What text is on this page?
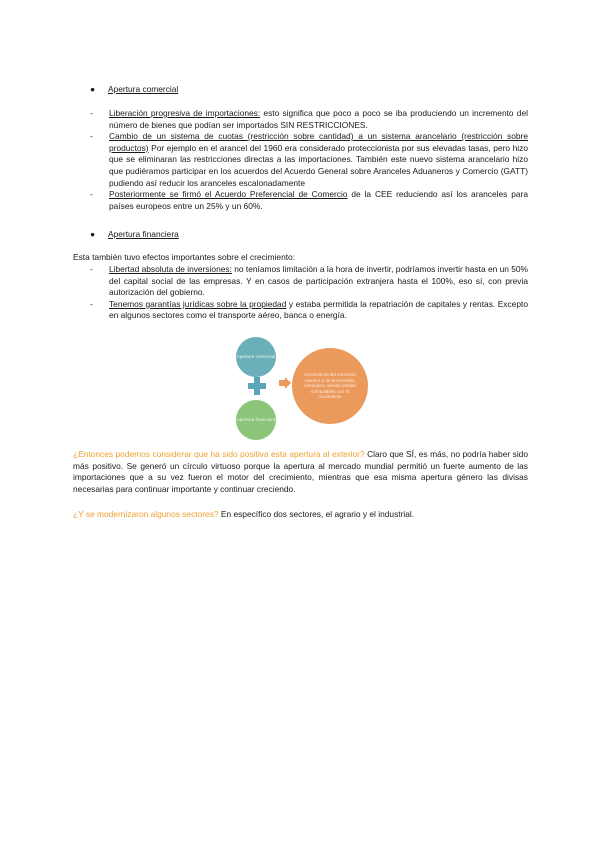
● Apertura comercial
- Liberación progresiva de importaciones: esto significa que poco a poco se iba produciendo un incremento del número de bienes que podían ser importados SIN RESTRICCIONES.
- Cambio de un sistema de cuotas (restricción sobre cantidad) a un sistema arancelario (restricción sobre productos) Por ejemplo en el arancel del 1960 era considerado proteccionista por sus elevadas tasas, pero hizo que se eliminaran las restricciones directas a las importaciones. También este nuevo sistema arancelario hizo que pudiéramos participar en los acuerdos del Acuerdo General sobre Aranceles Aduaneros y Comercio (GATT) pudiendo así reducir los aranceles escalonadamente
- Posteriormente se firmó el Acuerdo Preferencial de Comercio de la CEE reduciendo así los aranceles para países europeos entre un 25% y un 60%.
● Apertura financiera
Esta también tuvo efectos importantes sobre el crecimiento:
- Libertad absoluta de inversiones: no teníamos limitación a la hora de invertir, podríamos invertir hasta en un 50% del capital social de las empresas. Y en casos de participación extranjera hasta el 100%, eso sí, con previa autorización del gobierno.
- Tenemos garantías jurídicas sobre la propiedad y estaba permitida la repatriación de capitales y rentas. Excepto en algunos sectores como el transporte aéreo, banca o energía.
Apertura comercial
Apertura financiera
Crecimiento del comercio exterior y de la inversión extranjera, siendo ambas compatibles con el crecimiento
¿Entonces podemos considerar que ha sido positiva esta apertura al exterior? Claro que SÍ, es más, no podría haber sido más positivo. Se generó un círculo virtuoso porque la apertura al mercado mundial permitió un fuerte aumento de las importaciones que a su vez fueron el motor del crecimiento, mientras que esa misma apertura género las divisas necesarias para continuar importante y continuar creciendo.
¿Y se modernizaron algunos sectores? En específico dos sectores, el agrario y el industrial.
